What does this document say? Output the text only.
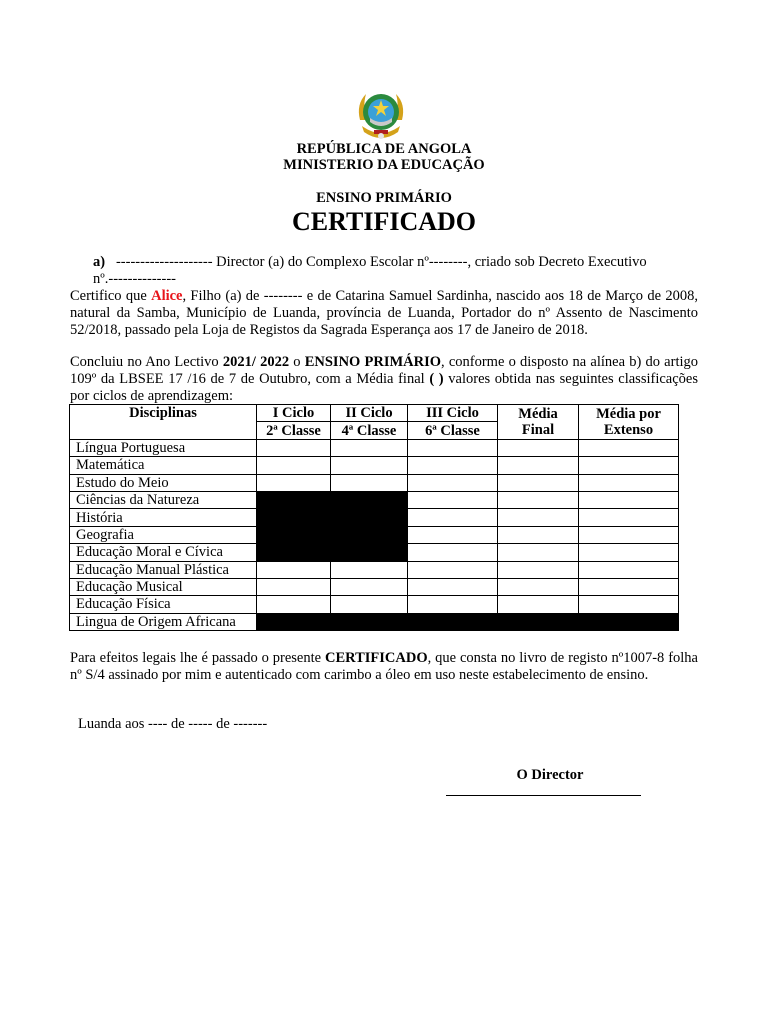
REPÚBLICA DE ANGOLA
MINISTERIO DA EDUCAÇÃO
ENSINO PRIMÁRIO
CERTIFICADO
a) -------------------- Director (a) do Complexo Escolar nº--------, criado sob Decreto Executivo
nº.--------------
Certifico que Alice, Filho (a) de -------- e de Catarina Samuel Sardinha, nascido aos 18 de Março de 2008, natural da Samba, Município de Luanda, província de Luanda, Portador do nº Assento de Nascimento 52/2018, passado pela Loja de Registos da Sagrada Esperança aos 17 de Janeiro de 2018.
Concluiu no Ano Lectivo 2021/ 2022 o ENSINO PRIMÁRIO, conforme o disposto na alínea b) do artigo 109º da LBSEE 17 /16 de 7 de Outubro, com a Média final ( ) valores obtida nas seguintes classificações por ciclos de aprendizagem:
Disciplinas	I Ciclo	II Ciclo	III Ciclo	Média Final	Média por Extenso
	2ª Classe	4ª Classe	6ª Classe		
Língua Portuguesa					
Matemática					
Estudo do Meio					
Ciências da Natureza					
História					
Geografia					
Educação Moral e Cívica					
Educação Manual Plástica					
Educação Musical					
Educação Física					
Lingua de Origem Africana					
Para efeitos legais lhe é passado o presente CERTIFICADO, que consta no livro de registo nº1007-8 folha nº S/4 assinado por mim e autenticado com carimbo a óleo em uso neste estabelecimento de ensino.
Luanda aos ---- de ----- de -------
O Director
